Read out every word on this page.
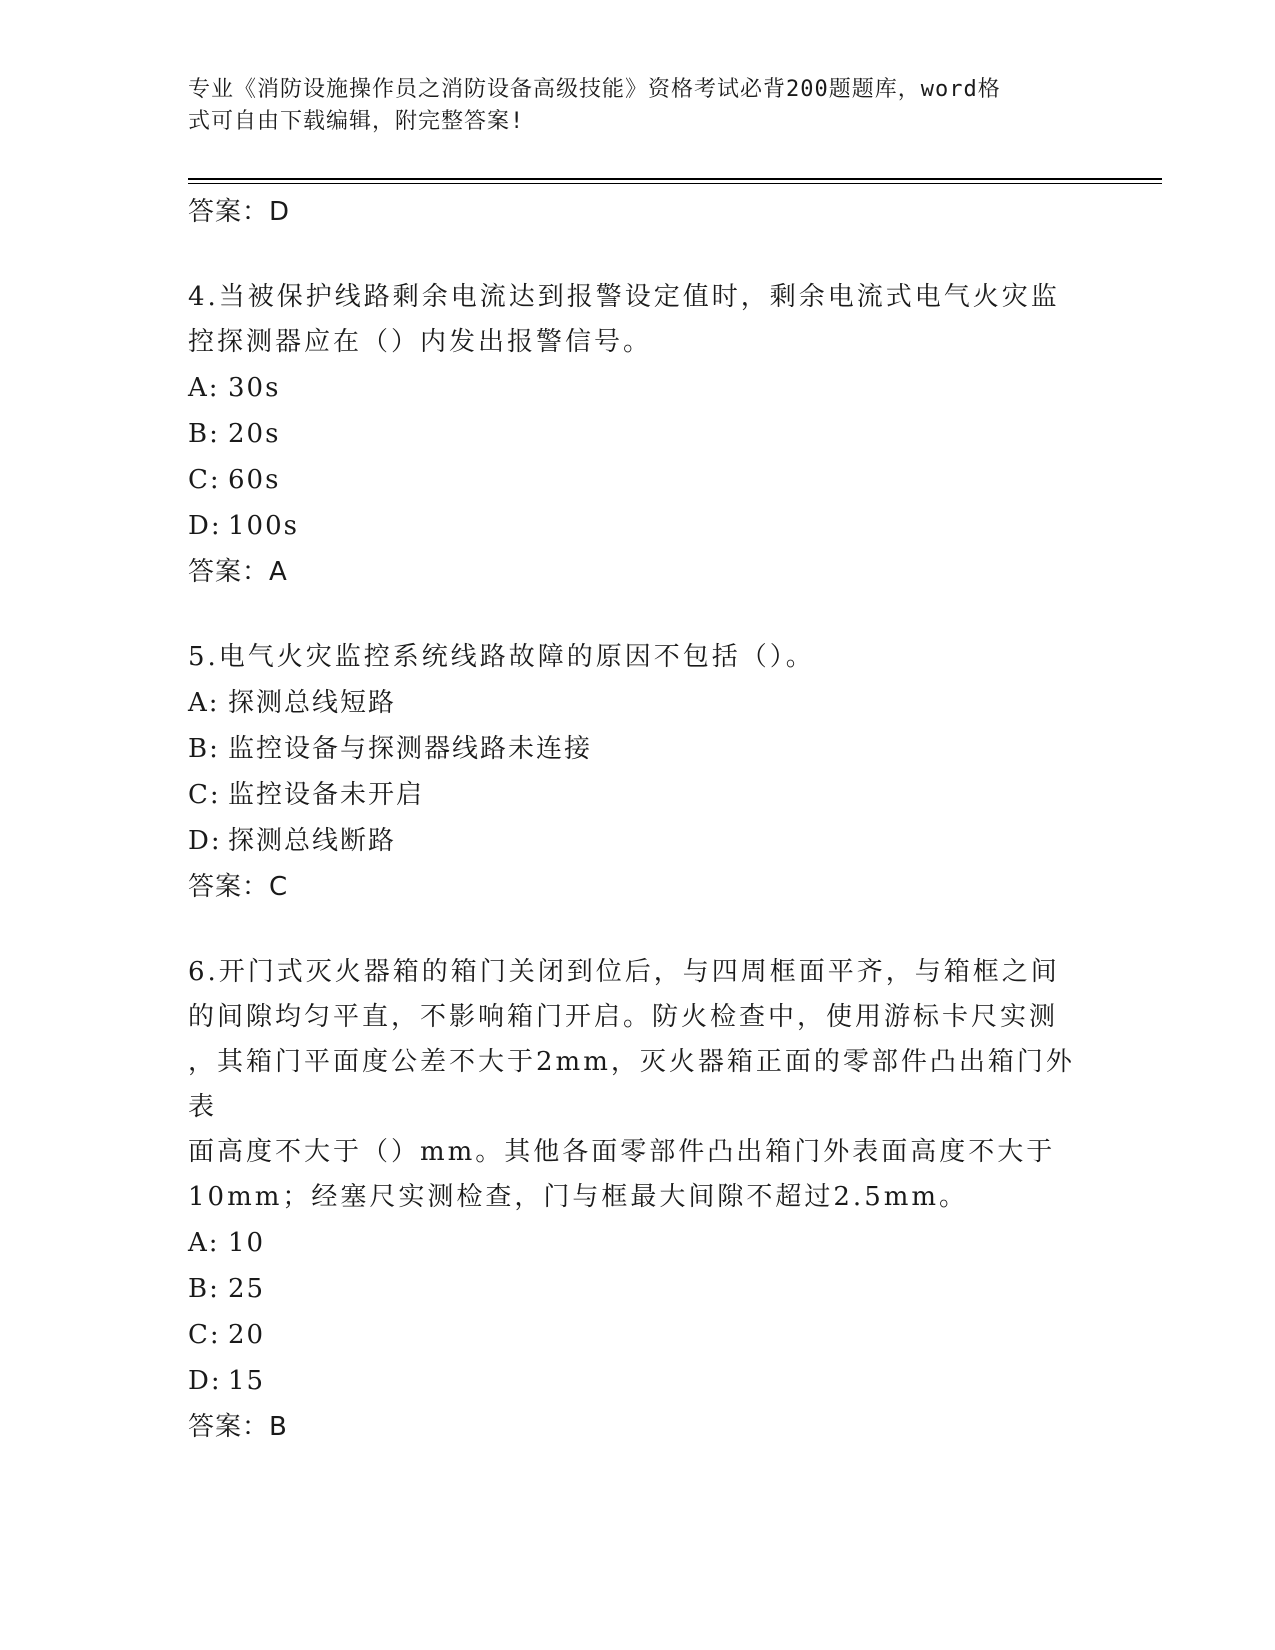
专业《消防设施操作员之消防设备高级技能》资格考试必背200题题库，word格
式可自由下载编辑，附完整答案!
答案：D
4.当被保护线路剩余电流达到报警设定值时，剩余电流式电气火灾监
控探测器应在（）内发出报警信号。
A: 30s
B: 20s
C: 60s
D: 100s
答案：A
5.电气火灾监控系统线路故障的原因不包括（）。
A: 探测总线短路
B: 监控设备与探测器线路未连接
C: 监控设备未开启
D: 探测总线断路
答案：C
6.开门式灭火器箱的箱门关闭到位后，与四周框面平齐，与箱框之间
的间隙均匀平直，不影响箱门开启。防火检查中，使用游标卡尺实测
，其箱门平面度公差不大于2mm，灭火器箱正面的零部件凸出箱门外表
面高度不大于（）mm。其他各面零部件凸出箱门外表面高度不大于
10mm；经塞尺实测检查，门与框最大间隙不超过2.5mm。
A: 10
B: 25
C: 20
D: 15
答案：B
